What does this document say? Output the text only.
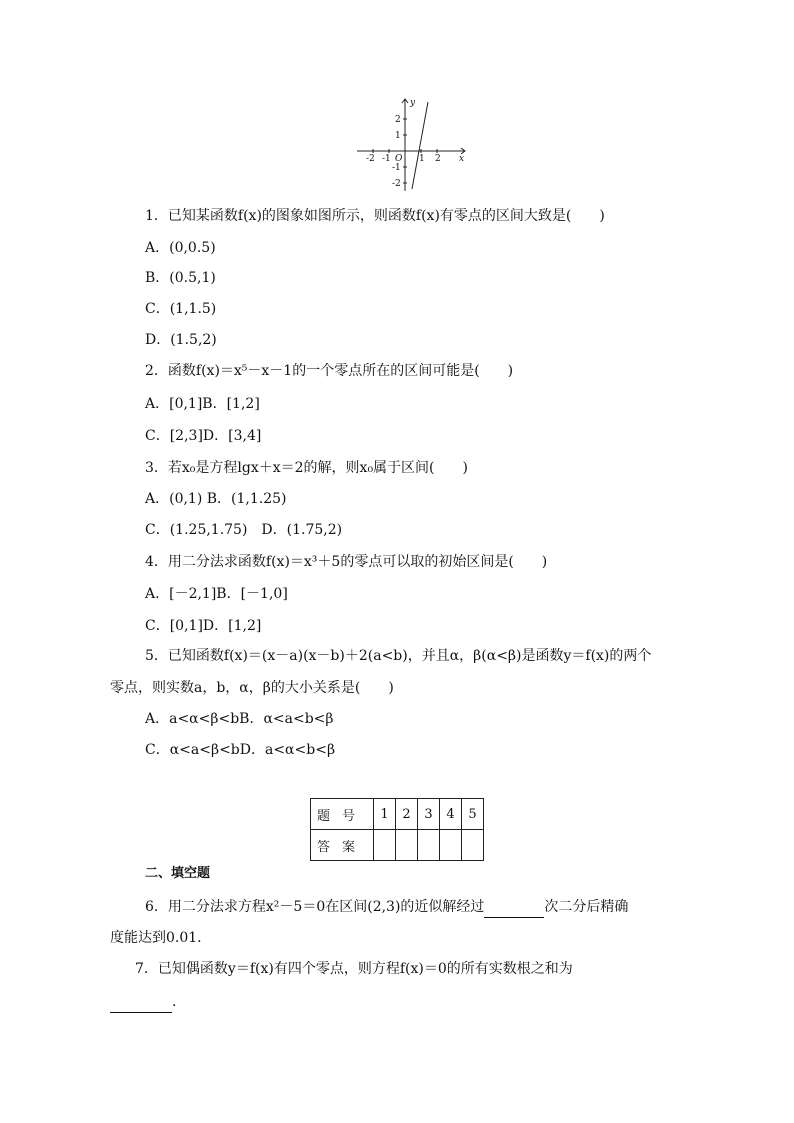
y
x
O
2
1
-1
-2
-2 -1	1 2
1．已知某函数f(x)的图象如图所示，则函数f(x)有零点的区间大致是(　　)
A．(0,0.5)
B．(0.5,1)
C．(1,1.5)
D．(1.5,2)
2．函数f(x)＝x⁵－x－1的一个零点所在的区间可能是(　　)
A．[0,1]B．[1,2]
C．[2,3]D．[3,4]
3．若x₀是方程lgx＋x＝2的解，则x₀属于区间(　　)
A．(0,1) B．(1,1.25)
C．(1.25,1.75)　D．(1.75,2)
4．用二分法求函数f(x)＝x³＋5的零点可以取的初始区间是(　　)
A．[－2,1]B．[－1,0]
C．[0,1]D．[1,2]
5．已知函数f(x)＝(x－a)(x－b)＋2(a<b)，并且α，β(α<β)是函数y＝f(x)的两个
零点，则实数a，b，α，β的大小关系是(　　)
A．a<α<β<bB．α<a<b<β
C．α<a<β<bD．a<α<b<β
题号	1	2	3	4	5
答案					
二、填空题
6．用二分法求方程x²－5＝0在区间(2,3)的近似解经过	次二分后精确
度能达到0.01.
7．已知偶函数y＝f(x)有四个零点，则方程f(x)＝0的所有实数根之和为
.
